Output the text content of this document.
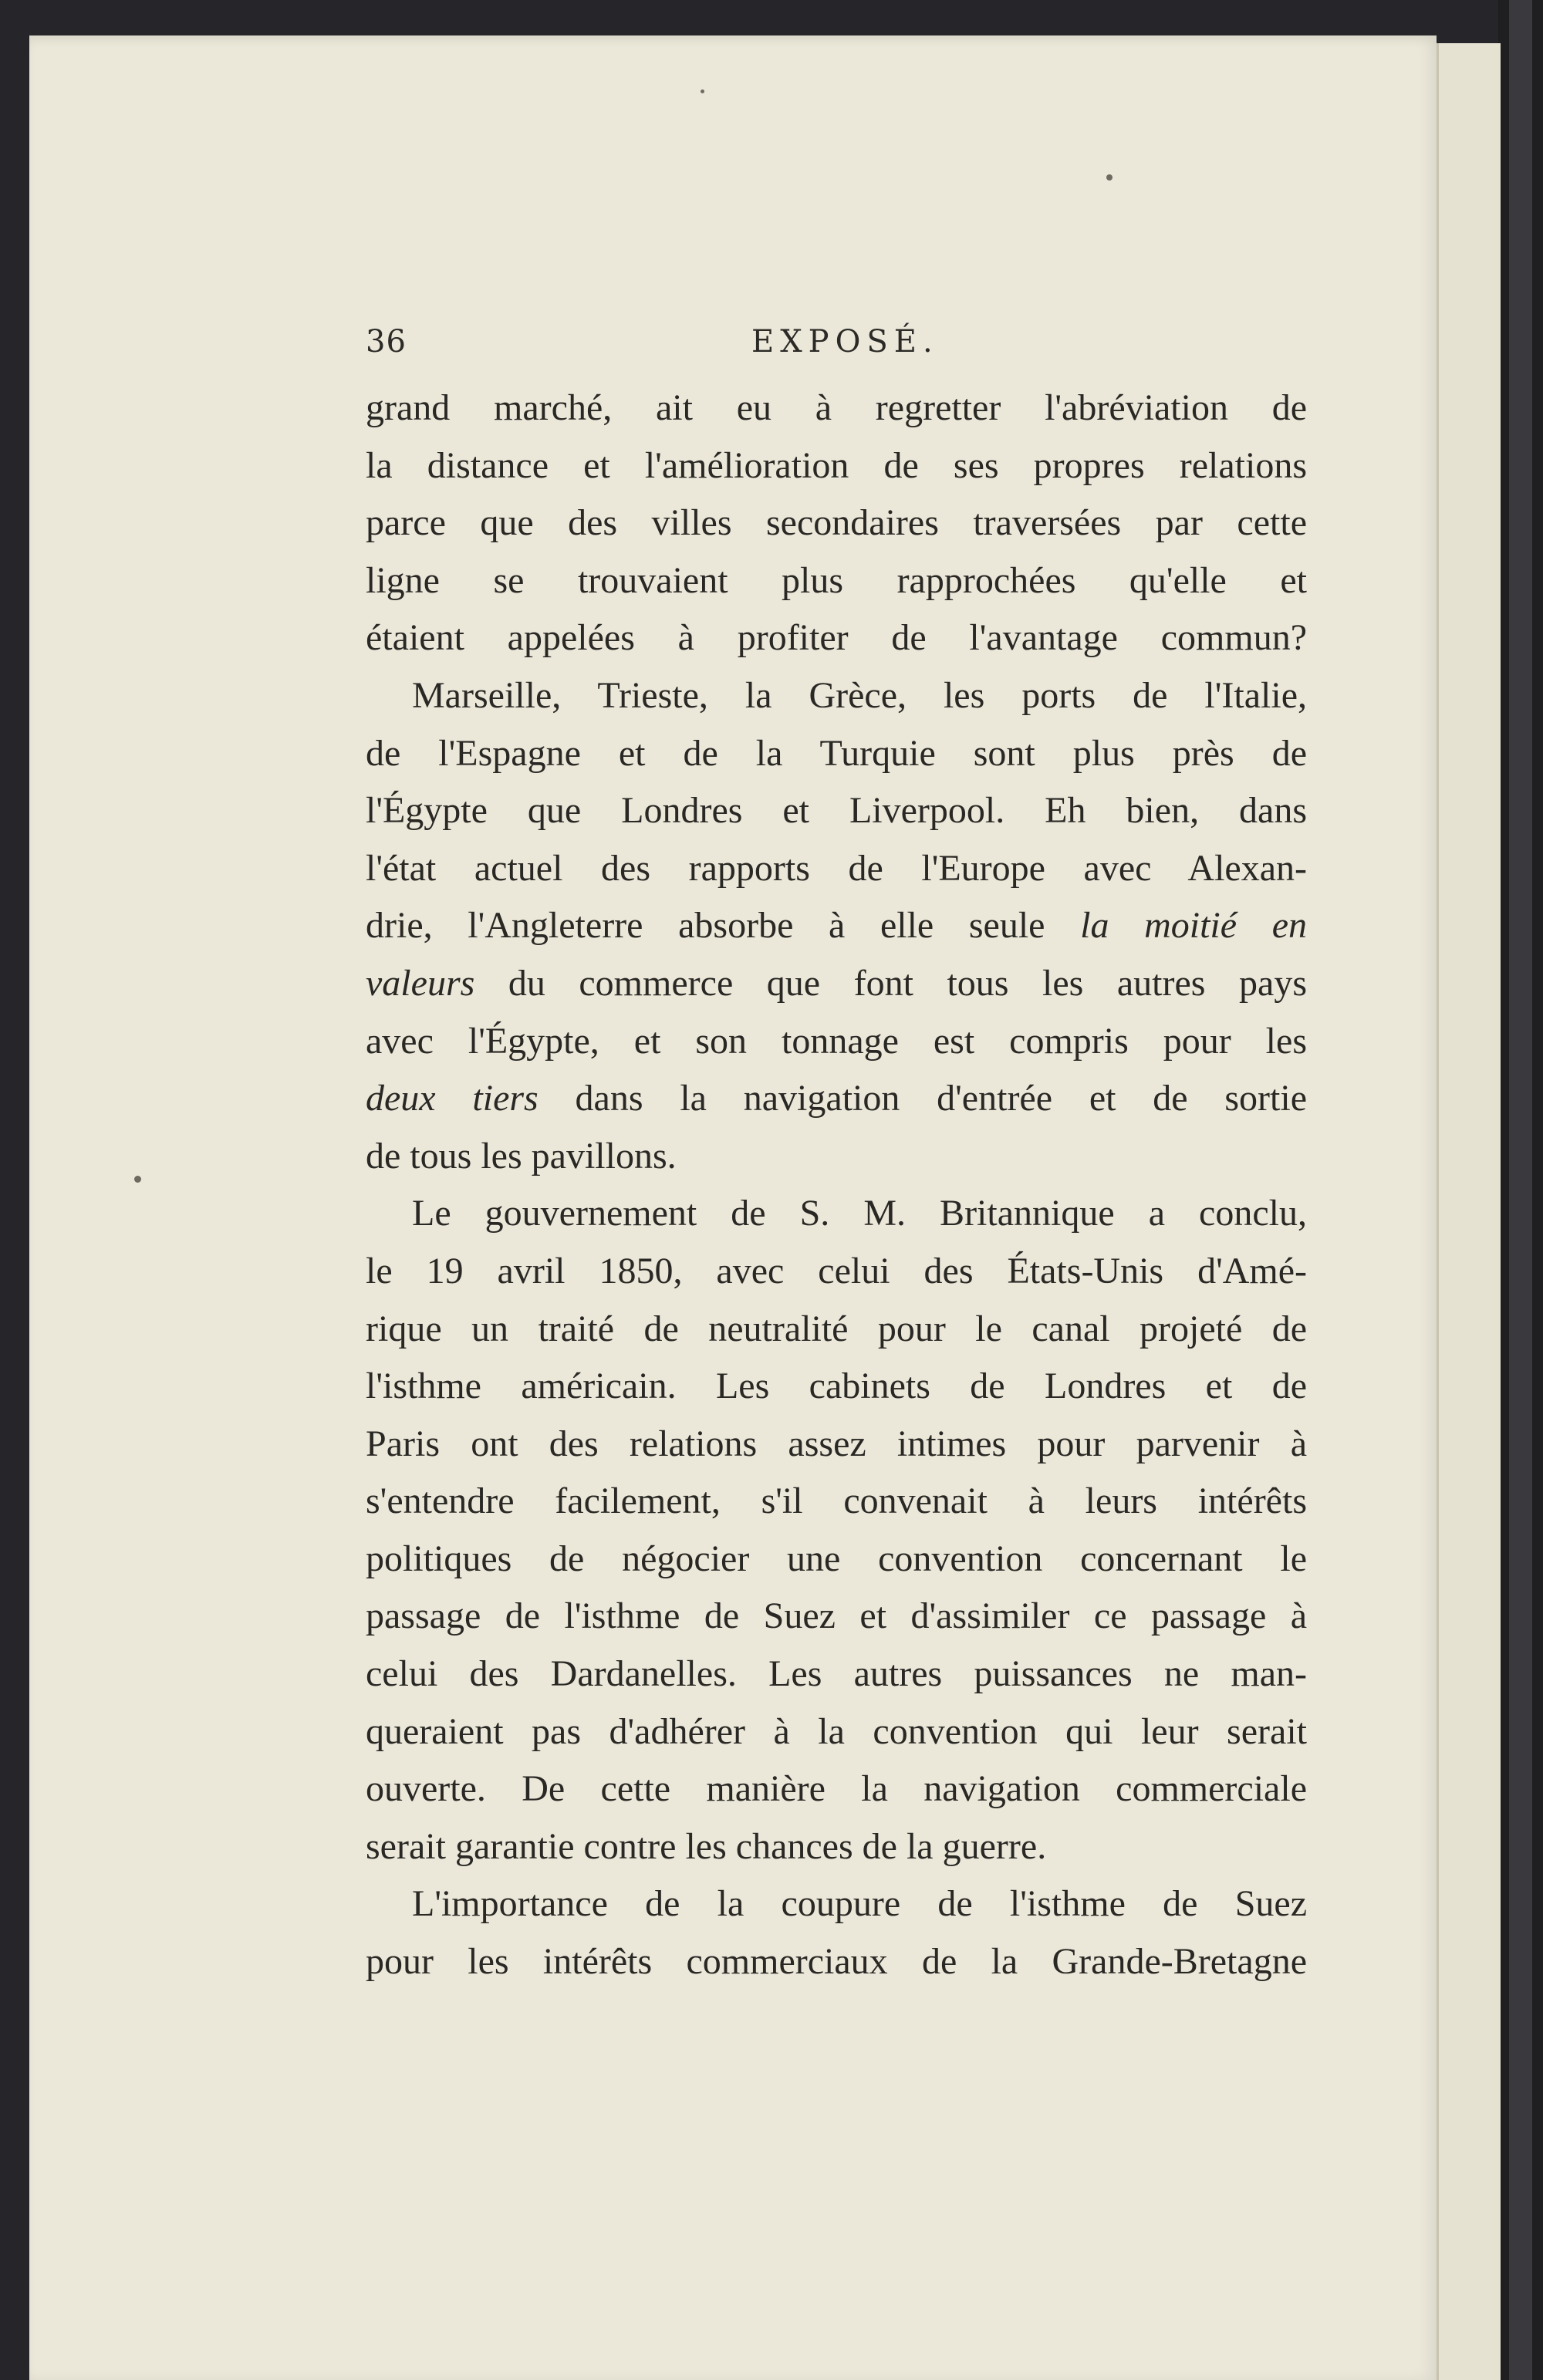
36	EXPOSÉ.
grand marché, ait eu à regretter l'abréviation de
la distance et l'amélioration de ses propres relations
parce que des villes secondaires traversées par cette
ligne se trouvaient plus rapprochées qu'elle et
étaient appelées à profiter de l'avantage commun?
Marseille, Trieste, la Grèce, les ports de l'Italie,
de l'Espagne et de la Turquie sont plus près de
l'Égypte que Londres et Liverpool. Eh bien, dans
l'état actuel des rapports de l'Europe avec Alexan-
drie, l'Angleterre absorbe à elle seule la moitié en
valeurs du commerce que font tous les autres pays
avec l'Égypte, et son tonnage est compris pour les
deux tiers dans la navigation d'entrée et de sortie
de tous les pavillons.
Le gouvernement de S. M. Britannique a conclu,
le 19 avril 1850, avec celui des États-Unis d'Amé-
rique un traité de neutralité pour le canal projeté de
l'isthme américain. Les cabinets de Londres et de
Paris ont des relations assez intimes pour parvenir à
s'entendre facilement, s'il convenait à leurs intérêts
politiques de négocier une convention concernant le
passage de l'isthme de Suez et d'assimiler ce passage à
celui des Dardanelles. Les autres puissances ne man-
queraient pas d'adhérer à la convention qui leur serait
ouverte. De cette manière la navigation commerciale
serait garantie contre les chances de la guerre.
L'importance de la coupure de l'isthme de Suez
pour les intérêts commerciaux de la Grande-Bretagne
